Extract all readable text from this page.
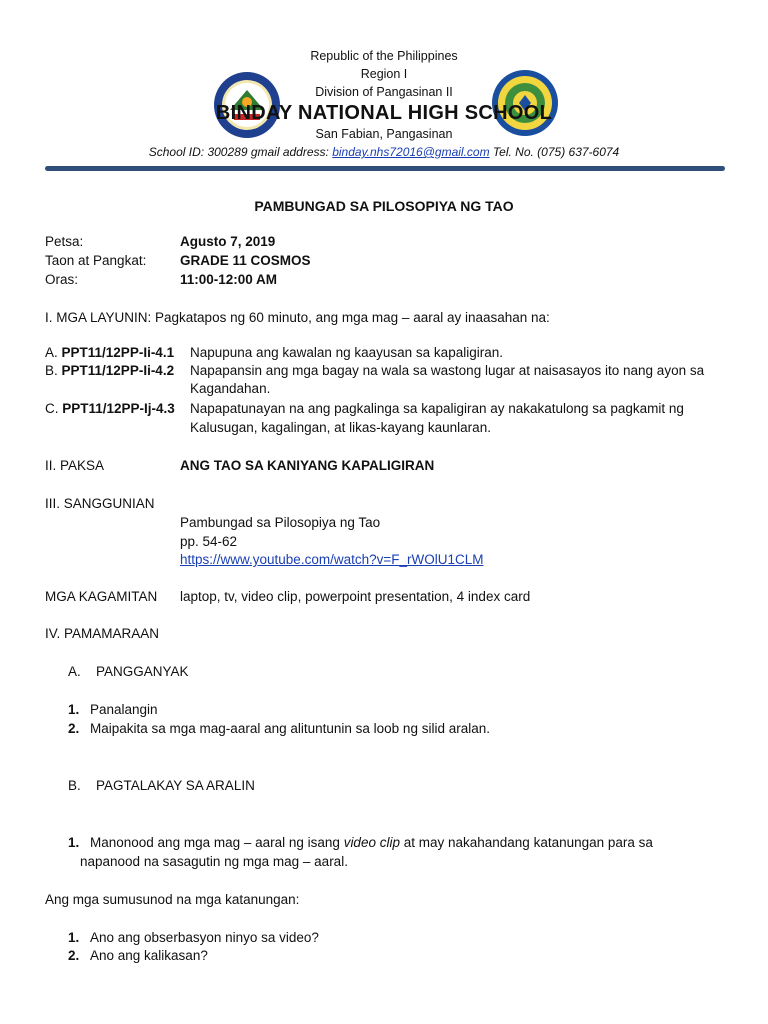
Republic of the Philippines
Region I
Division of Pangasinan II
BINDAY NATIONAL HIGH SCHOOL
San Fabian, Pangasinan
School ID: 300289 gmail address: binday.nhs72016@gmail.com Tel. No. (075) 637-6074
PAMBUNGAD SA PILOSOPIYA NG TAO
Petsa:	Agusto 7, 2019
Taon at Pangkat: GRADE 11 COSMOS
Oras:	11:00-12:00 AM
I. MGA LAYUNIN: Pagkatapos ng 60 minuto, ang mga mag – aaral ay inaasahan na:
A. PPT11/12PP-Ii-4.1 Napupuna ang kawalan ng kaayusan sa kapaligiran.
B. PPT11/12PP-Ii-4.2 Napapansin ang mga bagay na wala sa wastong lugar at naisasayos ito nang ayon sa
Kagandahan.
C. PPT11/12PP-Ij-4.3 Napapatunayan na ang pagkalinga sa kapaligiran ay nakakatulong sa pagkamit ng
Kalusugan, kagalingan, at likas-kayang kaunlaran.
II. PAKSA	ANG TAO SA KANIYANG KAPALIGIRAN
III. SANGGUNIAN
Pambungad sa Pilosopiya ng Tao
pp. 54-62
https://www.youtube.com/watch?v=F_rWOlU1CLM
MGA KAGAMITAN laptop, tv, video clip, powerpoint presentation, 4 index card
IV. PAMAMARAAN
A. PANGGANYAK
1. Panalangin
2. Maipakita sa mga mag-aaral ang alituntunin sa loob ng silid aralan.
B. PAGTALAKAY SA ARALIN
1. Manonood ang mga mag – aaral ng isang video clip at may nakahandang katanungan para sa
napanood na sasagutin ng mga mag – aaral.
Ang mga sumusunod na mga katanungan:
1. Ano ang obserbasyon ninyo sa video?
2. Ano ang kalikasan?
